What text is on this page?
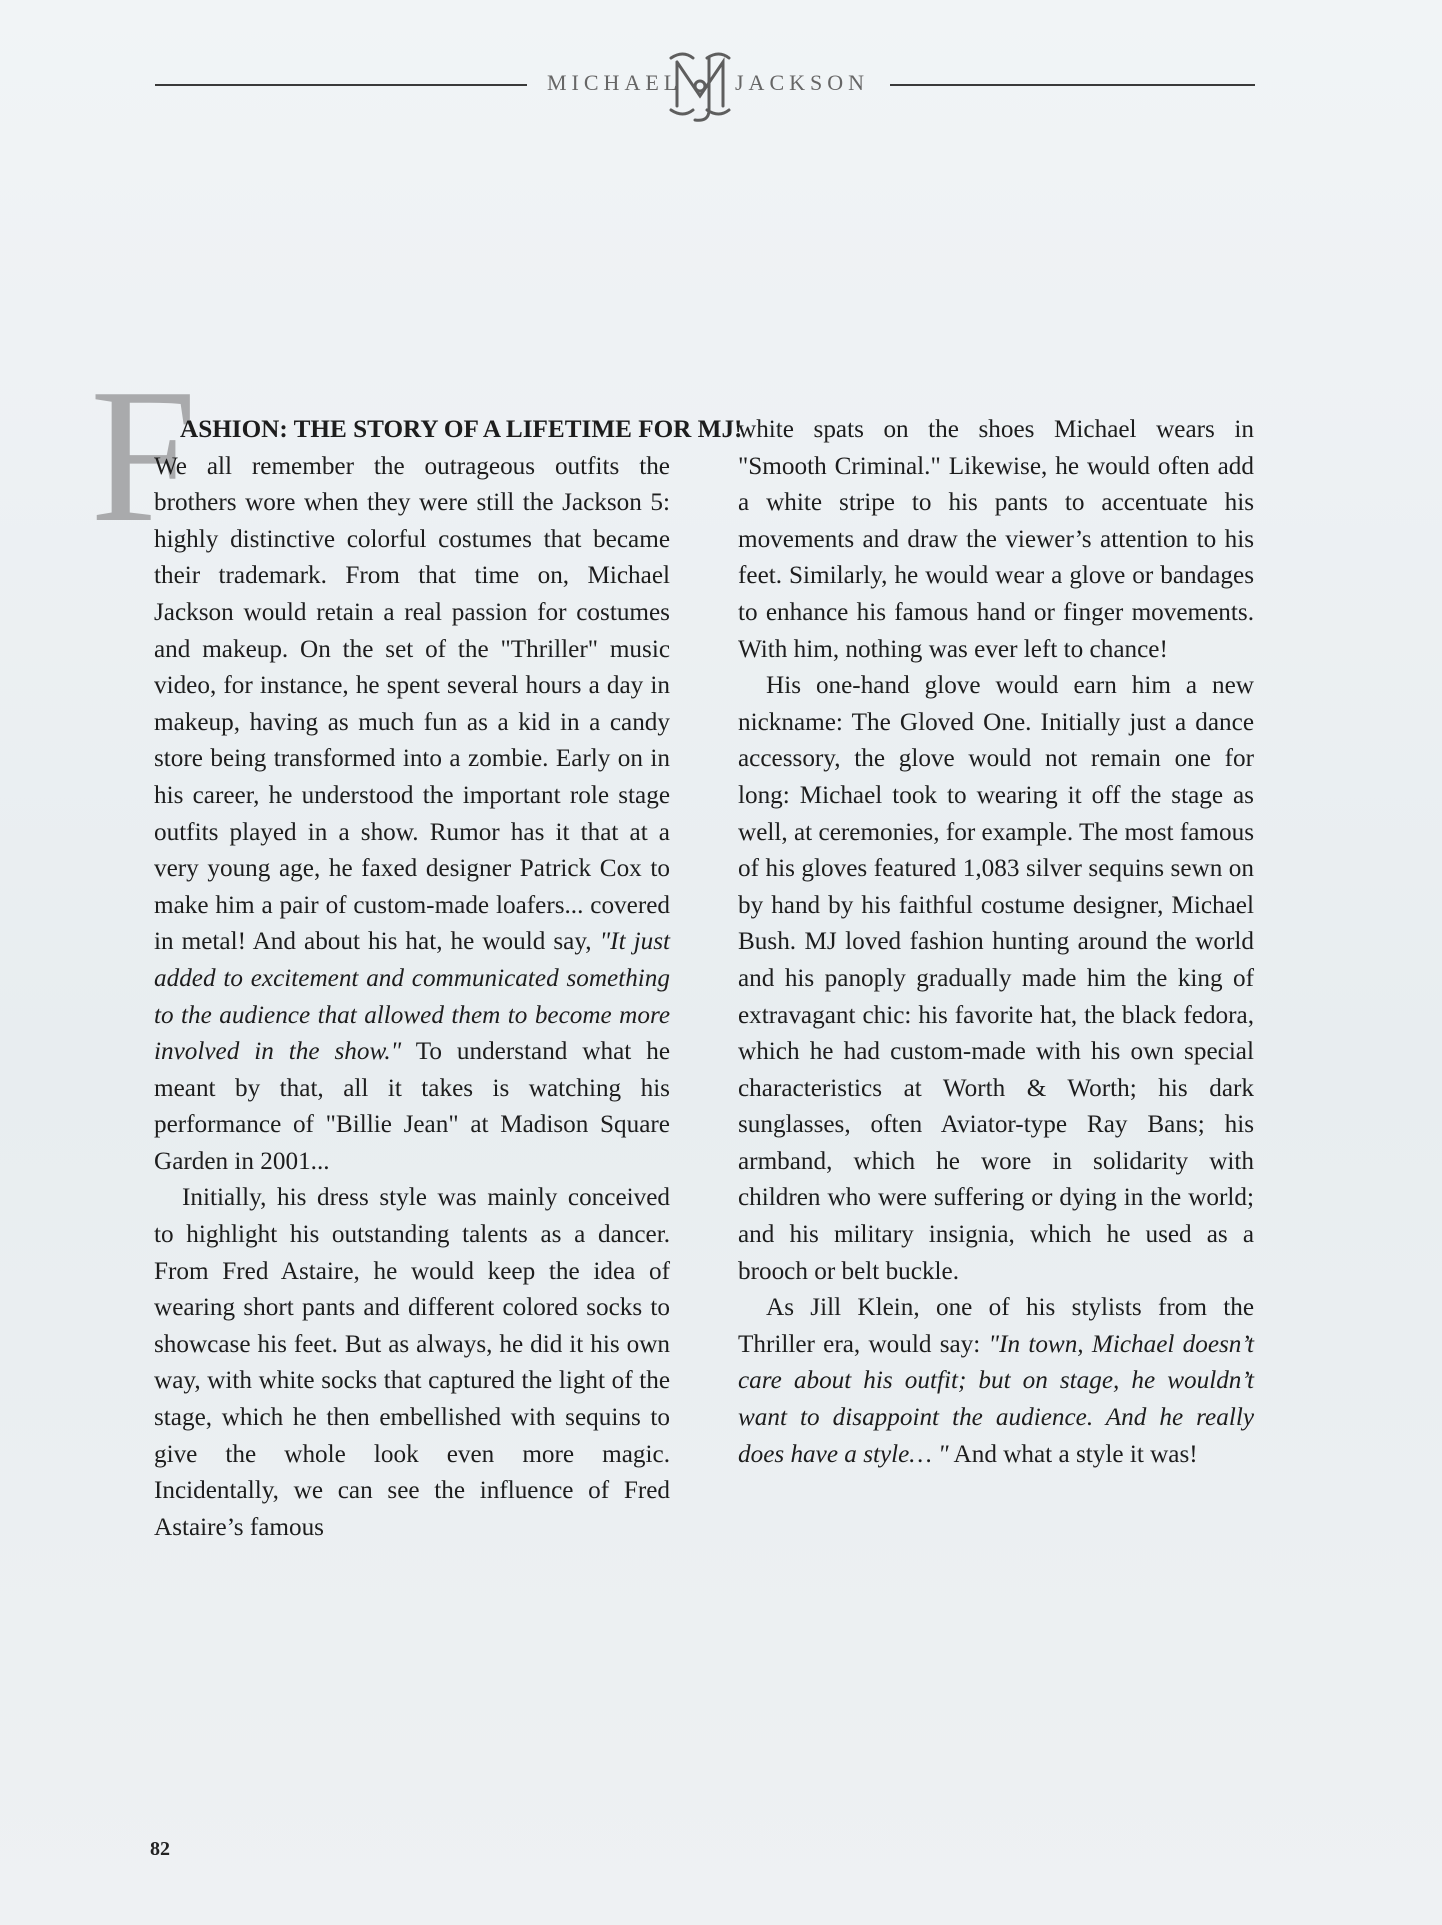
MICHAEL JACKSON
F

ASHION: THE STORY OF A LIFETIME FOR MJ!
We all remember the outrageous outfits the brothers wore when they were still the Jackson 5: highly distinctive colorful costumes that became their trademark. From that time on, Michael Jackson would retain a real passion for costumes and makeup. On the set of the "Thriller" music video, for instance, he spent several hours a day in makeup, having as much fun as a kid in a candy store being transformed into a zombie. Early on in his career, he understood the important role stage outfits played in a show. Rumor has it that at a very young age, he faxed designer Patrick Cox to make him a pair of custom-made loafers... covered in metal! And about his hat, he would say, "It just added to excitement and communicated something to the audience that allowed them to become more involved in the show." To understand what he meant by that, all it takes is watching his performance of "Billie Jean" at Madison Square Garden in 2001...

Initially, his dress style was mainly conceived to highlight his outstanding talents as a dancer. From Fred Astaire, he would keep the idea of wearing short pants and different colored socks to showcase his feet. But as always, he did it his own way, with white socks that captured the light of the stage, which he then embellished with sequins to give the whole look even more magic. Incidentally, we can see the influence of Fred Astaire’s famous

white spats on the shoes Michael wears in "Smooth Criminal." Likewise, he would often add a white stripe to his pants to accentuate his movements and draw the viewer’s attention to his feet. Similarly, he would wear a glove or bandages to enhance his famous hand or finger movements. With him, nothing was ever left to chance!

His one-hand glove would earn him a new nickname: The Gloved One. Initially just a dance accessory, the glove would not remain one for long: Michael took to wearing it off the stage as well, at ceremonies, for example. The most famous of his gloves featured 1,083 silver sequins sewn on by hand by his faithful costume designer, Michael Bush. MJ loved fashion hunting around the world and his panoply gradually made him the king of extravagant chic: his favorite hat, the black fedora, which he had custom-made with his own special characteristics at Worth & Worth; his dark sunglasses, often Aviator-type Ray Bans; his armband, which he wore in solidarity with children who were suffering or dying in the world; and his military insignia, which he used as a brooch or belt buckle.

As Jill Klein, one of his stylists from the Thriller era, would say: "In town, Michael doesn’t care about his outfit; but on stage, he wouldn’t want to disappoint the audience. And he really does have a style… " And what a style it was!

82
